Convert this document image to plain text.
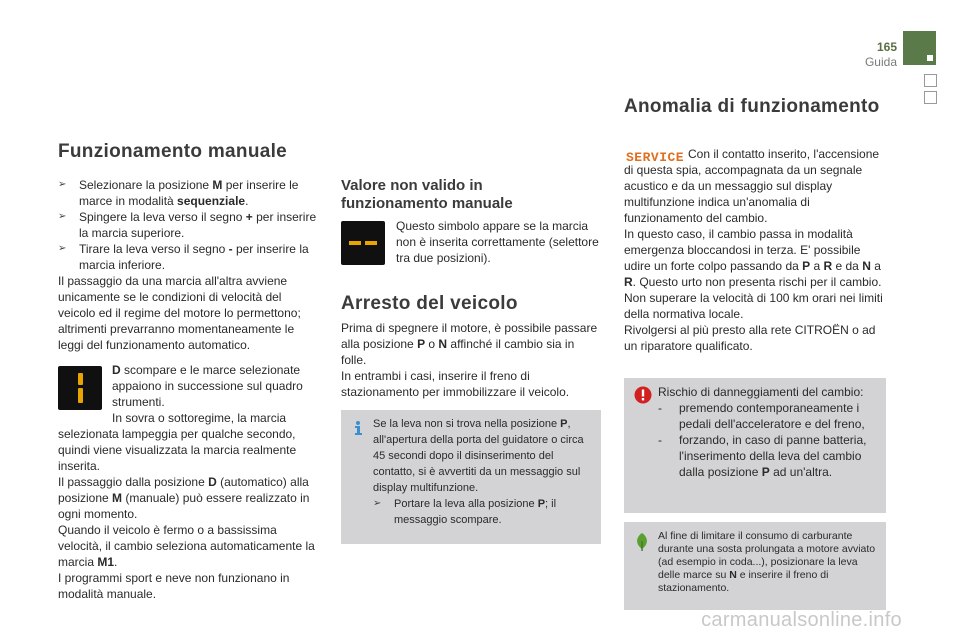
165
Guida
Funzionamento manuale
➢ Selezionare la posizione M per inserire le marce in modalità sequenziale.
➢ Spingere la leva verso il segno + per inserire la marcia superiore.
➢ Tirare la leva verso il segno - per inserire la marcia inferiore.

Il passaggio da una marcia all'altra avviene unicamente se le condizioni di velocità del veicolo ed il regime del motore lo permettono; altrimenti prevarranno momentaneamente le leggi del funzionamento automatico.

D scompare e le marce selezionate appaiono in successione sul quadro strumenti.

In sovra o sottoregime, la marcia selezionata lampeggia per qualche secondo, quindi viene visualizzata la marcia realmente inserita.

Il passaggio dalla posizione D (automatico) alla posizione M (manuale) può essere realizzato in ogni momento.

Quando il veicolo è fermo o a bassissima velocità, il cambio seleziona automaticamente la marcia M1.

I programmi sport e neve non funzionano in modalità manuale.

Valore non valido in
funzionamento manuale
Questo simbolo appare se la marcia non è inserita correttamente (selettore tra due posizioni).
Arresto del veicolo

Prima di spegnere il motore, è possibile passare alla posizione P o N affinché il cambio sia in folle.

In entrambi i casi, inserire il freno di stazionamento per immobilizzare il veicolo.

Se la leva non si trova nella posizione P, all'apertura della porta del guidatore o circa 45 secondi dopo il disinserimento del contatto, si è avvertiti da un messaggio sul display multifunzione.

➢ Portare la leva alla posizione P; il messaggio scompare.
Anomalia di funzionamento
SERVICE Con il contatto inserito, l'accensione di questa spia, accompagnata da un segnale acustico e da un messaggio sul display multifunzione indica un'anomalia di funzionamento del cambio.

In questo caso, il cambio passa in modalità emergenza bloccandosi in terza. E' possibile udire un forte colpo passando da P a R e da N a R. Questo urto non presenta rischi per il cambio.

Non superare la velocità di 100 km orari nei limiti della normativa locale.

Rivolgersi al più presto alla rete CITROËN o ad un riparatore qualificato.

Rischio di danneggiamenti del cambio:

- premendo contemporaneamente i pedali dell'acceleratore e del freno,
- forzando, in caso di panne batteria, l'inserimento della leva del cambio dalla posizione P ad un'altra.
Al fine di limitare il consumo di carburante durante una sosta prolungata a motore avviato (ad esempio in coda...), posizionare la leva delle marce su N e inserire il freno di stazionamento.
carmanualsonline.info
